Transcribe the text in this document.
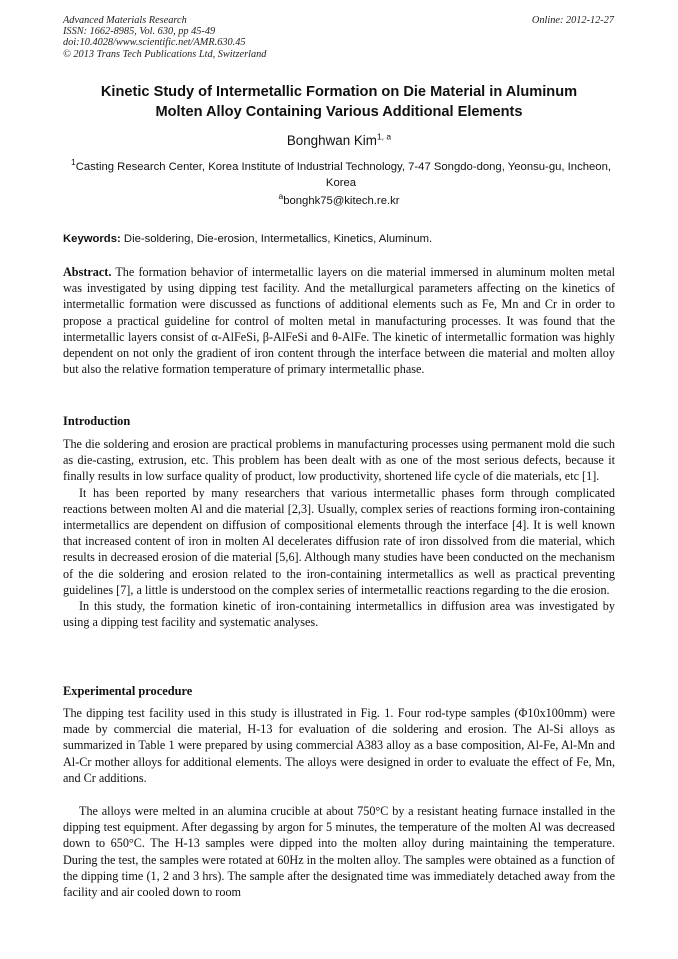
Advanced Materials Research
ISSN: 1662-8985, Vol. 630, pp 45-49
doi:10.4028/www.scientific.net/AMR.630.45
© 2013 Trans Tech Publications Ltd, Switzerland
Online: 2012-12-27
Kinetic Study of Intermetallic Formation on Die Material in Aluminum
Molten Alloy Containing Various Additional Elements
Bonghwan Kim$^{1, a}$
$^1$Casting Research Center, Korea Institute of Industrial Technology, 7-47 Songdo-dong, Yeonsu-gu, Incheon, Korea
$^a$bonghk75@kitech.re.kr
Keywords: Die-soldering, Die-erosion, Intermetallics, Kinetics, Aluminum.

Abstract. The formation behavior of intermetallic layers on die material immersed in aluminum molten metal was investigated by using dipping test facility. And the metallurgical parameters affecting on the kinetics of intermetallic formation were discussed as functions of additional elements such as Fe, Mn and Cr in order to propose a practical guideline for control of molten metal in manufacturing processes. It was found that the intermetallic layers consist of α-AlFeSi, β-AlFeSi and θ-AlFe. The kinetic of intermetallic formation was highly dependent on not only the gradient of iron content through the interface between die material and molten alloy but also the relative formation temperature of primary intermetallic phase.

Introduction

The die soldering and erosion are practical problems in manufacturing processes using permanent mold die such as die-casting, extrusion, etc. This problem has been dealt with as one of the most serious defects, because it finally results in low surface quality of product, low productivity, shortened life cycle of die materials, etc [1].

It has been reported by many researchers that various intermetallic phases form through complicated reactions between molten Al and die material [2,3]. Usually, complex series of reactions forming iron-containing intermetallics are dependent on diffusion of compositional elements through the interface [4]. It is well known that increased content of iron in molten Al decelerates diffusion rate of iron dissolved from die material, which results in decreased erosion of die material [5,6]. Although many studies have been conducted on the mechanism of the die soldering and erosion related to the iron-containing intermetallics as well as practical preventing guidelines [7], a little is understood on the complex series of intermetallic reactions regarding to the die erosion.

In this study, the formation kinetic of iron-containing intermetallics in diffusion area was investigated by using a dipping test facility and systematic analyses.

Experimental procedure

The dipping test facility used in this study is illustrated in Fig. 1. Four rod-type samples (Φ10x100mm) were made by commercial die material, H-13 for evaluation of die soldering and erosion. The Al-Si alloys as summarized in Table 1 were prepared by using commercial A383 alloy as a base composition, Al-Fe, Al-Mn and Al-Cr mother alloys for additional elements. The alloys were designed in order to evaluate the effect of Fe, Mn, and Cr additions.

The alloys were melted in an alumina crucible at about 750°C by a resistant heating furnace installed in the dipping test equipment. After degassing by argon for 5 minutes, the temperature of the molten Al was decreased down to 650°C. The H-13 samples were dipped into the molten alloy during maintaining the temperature. During the test, the samples were rotated at 60Hz in the molten alloy. The samples were obtained as a function of the dipping time (1, 2 and 3 hrs). The sample after the designated time was immediately detached away from the facility and air cooled down to room
